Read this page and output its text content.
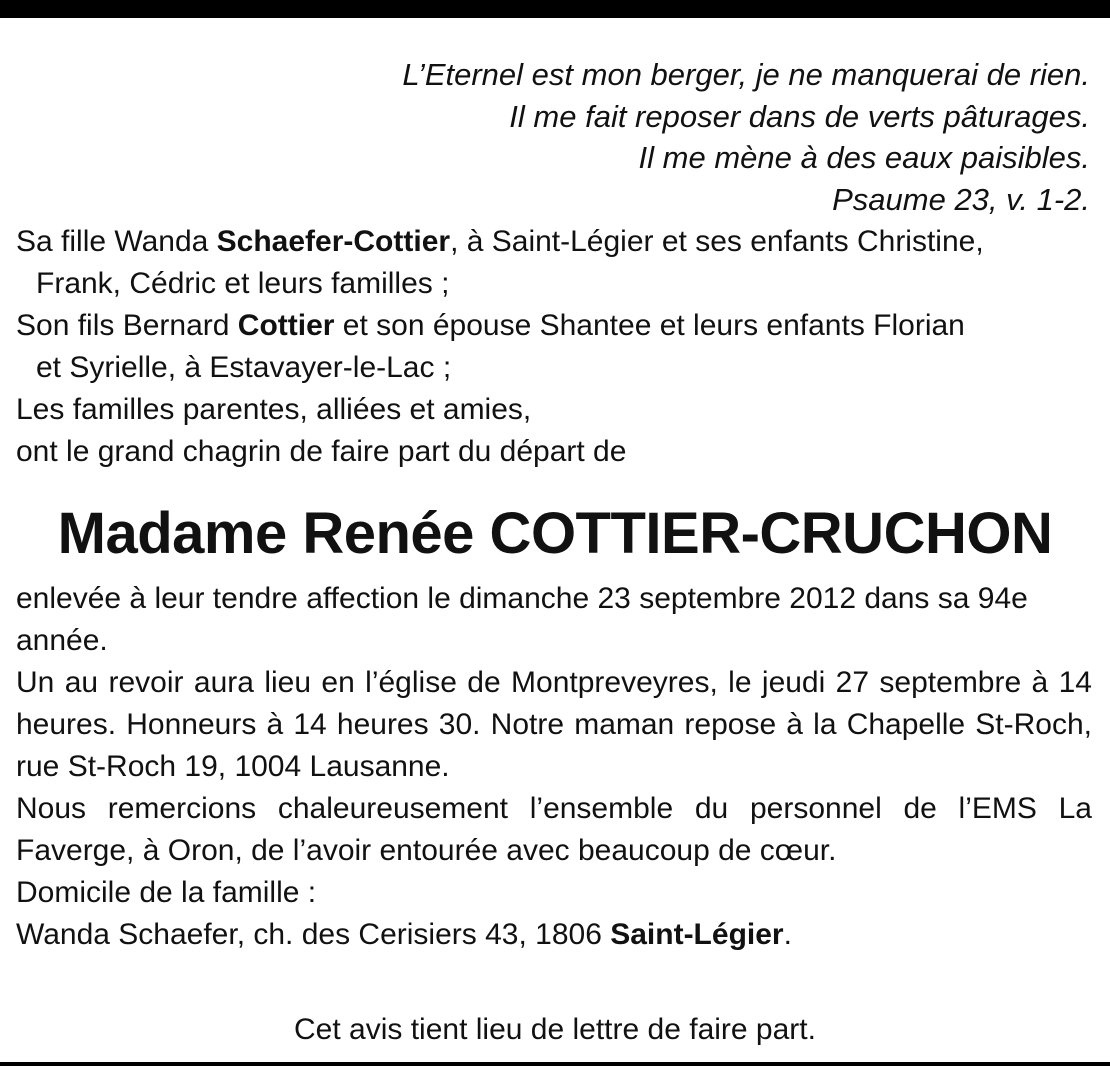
L’Eternel est mon berger, je ne manquerai de rien.
Il me fait reposer dans de verts pâturages.
Il me mène à des eaux paisibles.
Psaume 23, v. 1-2.

Sa fille Wanda Schaefer-Cottier, à Saint-Légier et ses enfants Christine,

Frank, Cédric et leurs familles ;

Son fils Bernard Cottier et son épouse Shantee et leurs enfants Florian

et Syrielle, à Estavayer-le-Lac ;

Les familles parentes, alliées et amies,

ont le grand chagrin de faire part du départ de

Madame Renée COTTIER-CRUCHON

enlevée à leur tendre affection le dimanche 23 septembre 2012 dans sa 94e année.

Un au revoir aura lieu en l’église de Montpreveyres, le jeudi 27 septembre à 14 heures. Honneurs à 14 heures 30. Notre maman repose à la Chapelle St-Roch, rue St-Roch 19, 1004 Lausanne.

Nous remercions chaleureusement l’ensemble du personnel de l’EMS La Faverge, à Oron, de l’avoir entourée avec beaucoup de cœur.

Domicile de la famille :

Wanda Schaefer, ch. des Cerisiers 43, 1806 Saint-Légier.

Cet avis tient lieu de lettre de faire part.
